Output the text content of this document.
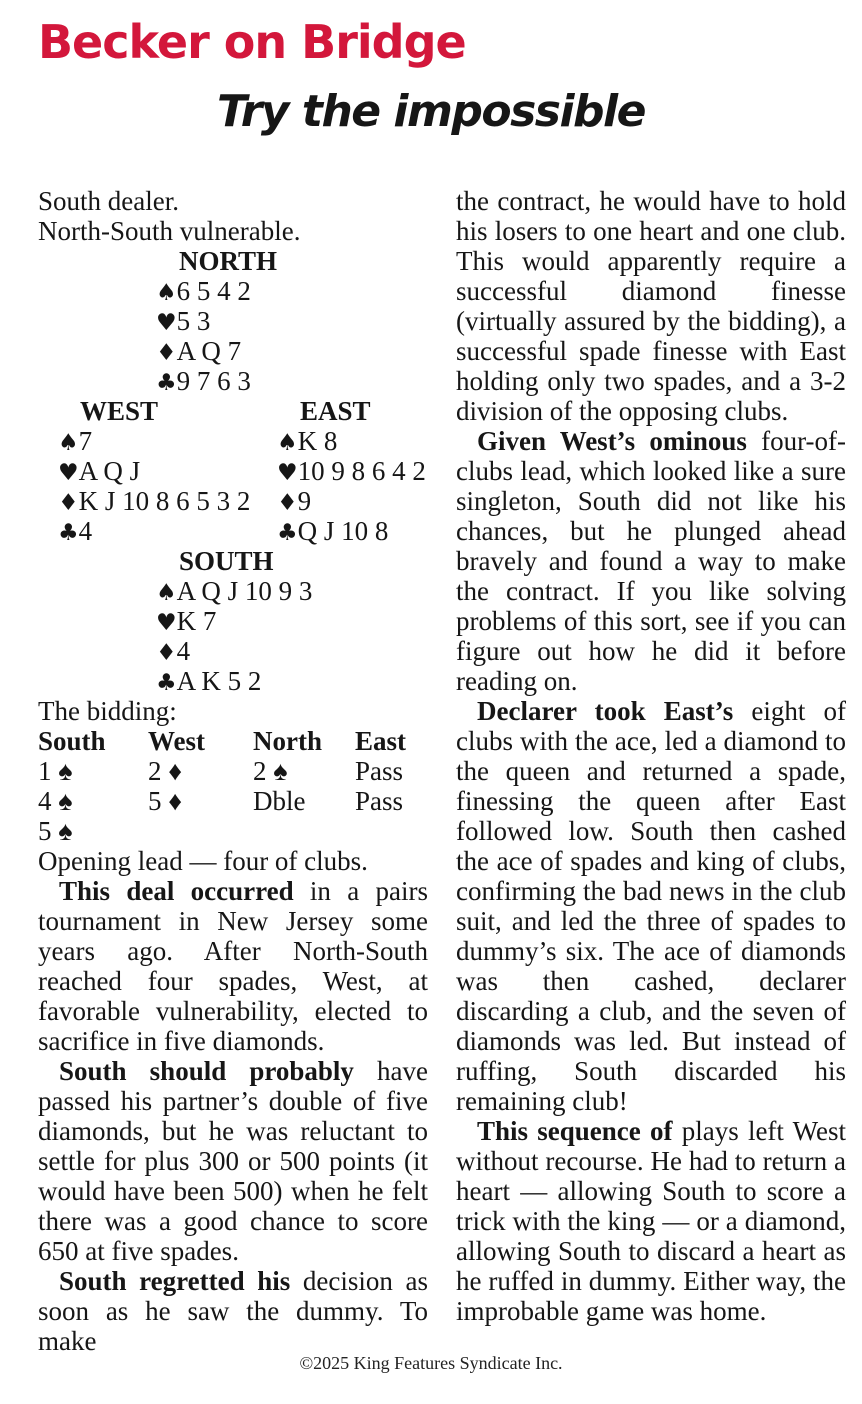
Becker on Bridge
Try the impossible
South dealer.
North-South vulnerable.
NORTH
♠6 5 4 2
♥5 3
♦A Q 7
♣9 7 6 3
WEST	EAST
♠7
♥A Q J
♦K J 10 8 6 5 3 2
♣4
♠K 8
♥10 9 8 6 4 2
♦9
♣Q J 10 8
SOUTH
♠A Q J 10 9 3
♥K 7
♦4
♣A K 5 2
The bidding:
South West North East
1 ♠	2 ♦	2 ♠ Pass
4 ♠	5 ♦	Dble Pass
5 ♠
Opening lead — four of clubs.

This deal occurred in a pairs tournament in New Jersey some years ago. After North-South reached four spades, West, at favorable vulnerability, elected to sacrifice in five diamonds.

South should probably have passed his partner’s double of five diamonds, but he was reluctant to settle for plus 300 or 500 points (it would have been 500) when he felt there was a good chance to score 650 at five spades.

South regretted his decision as soon as he saw the dummy. To make

the contract, he would have to hold his losers to one heart and one club. This would apparently require a successful diamond finesse (virtually assured by the bidding), a successful spade finesse with East holding only two spades, and a 3-2 division of the opposing clubs.

Given West’s ominous four-of-clubs lead, which looked like a sure singleton, South did not like his chances, but he plunged ahead bravely and found a way to make the contract. If you like solving problems of this sort, see if you can figure out how he did it before reading on.

Declarer took East’s eight of clubs with the ace, led a diamond to the queen and returned a spade, finessing the queen after East followed low. South then cashed the ace of spades and king of clubs, confirming the bad news in the club suit, and led the three of spades to dummy’s six. The ace of diamonds was then cashed, declarer discarding a club, and the seven of diamonds was led. But instead of ruffing, South discarded his remaining club!

This sequence of plays left West without recourse. He had to return a heart — allowing South to score a trick with the king — or a diamond, allowing South to discard a heart as he ruffed in dummy. Either way, the improbable game was home.

©2025 King Features Syndicate Inc.
